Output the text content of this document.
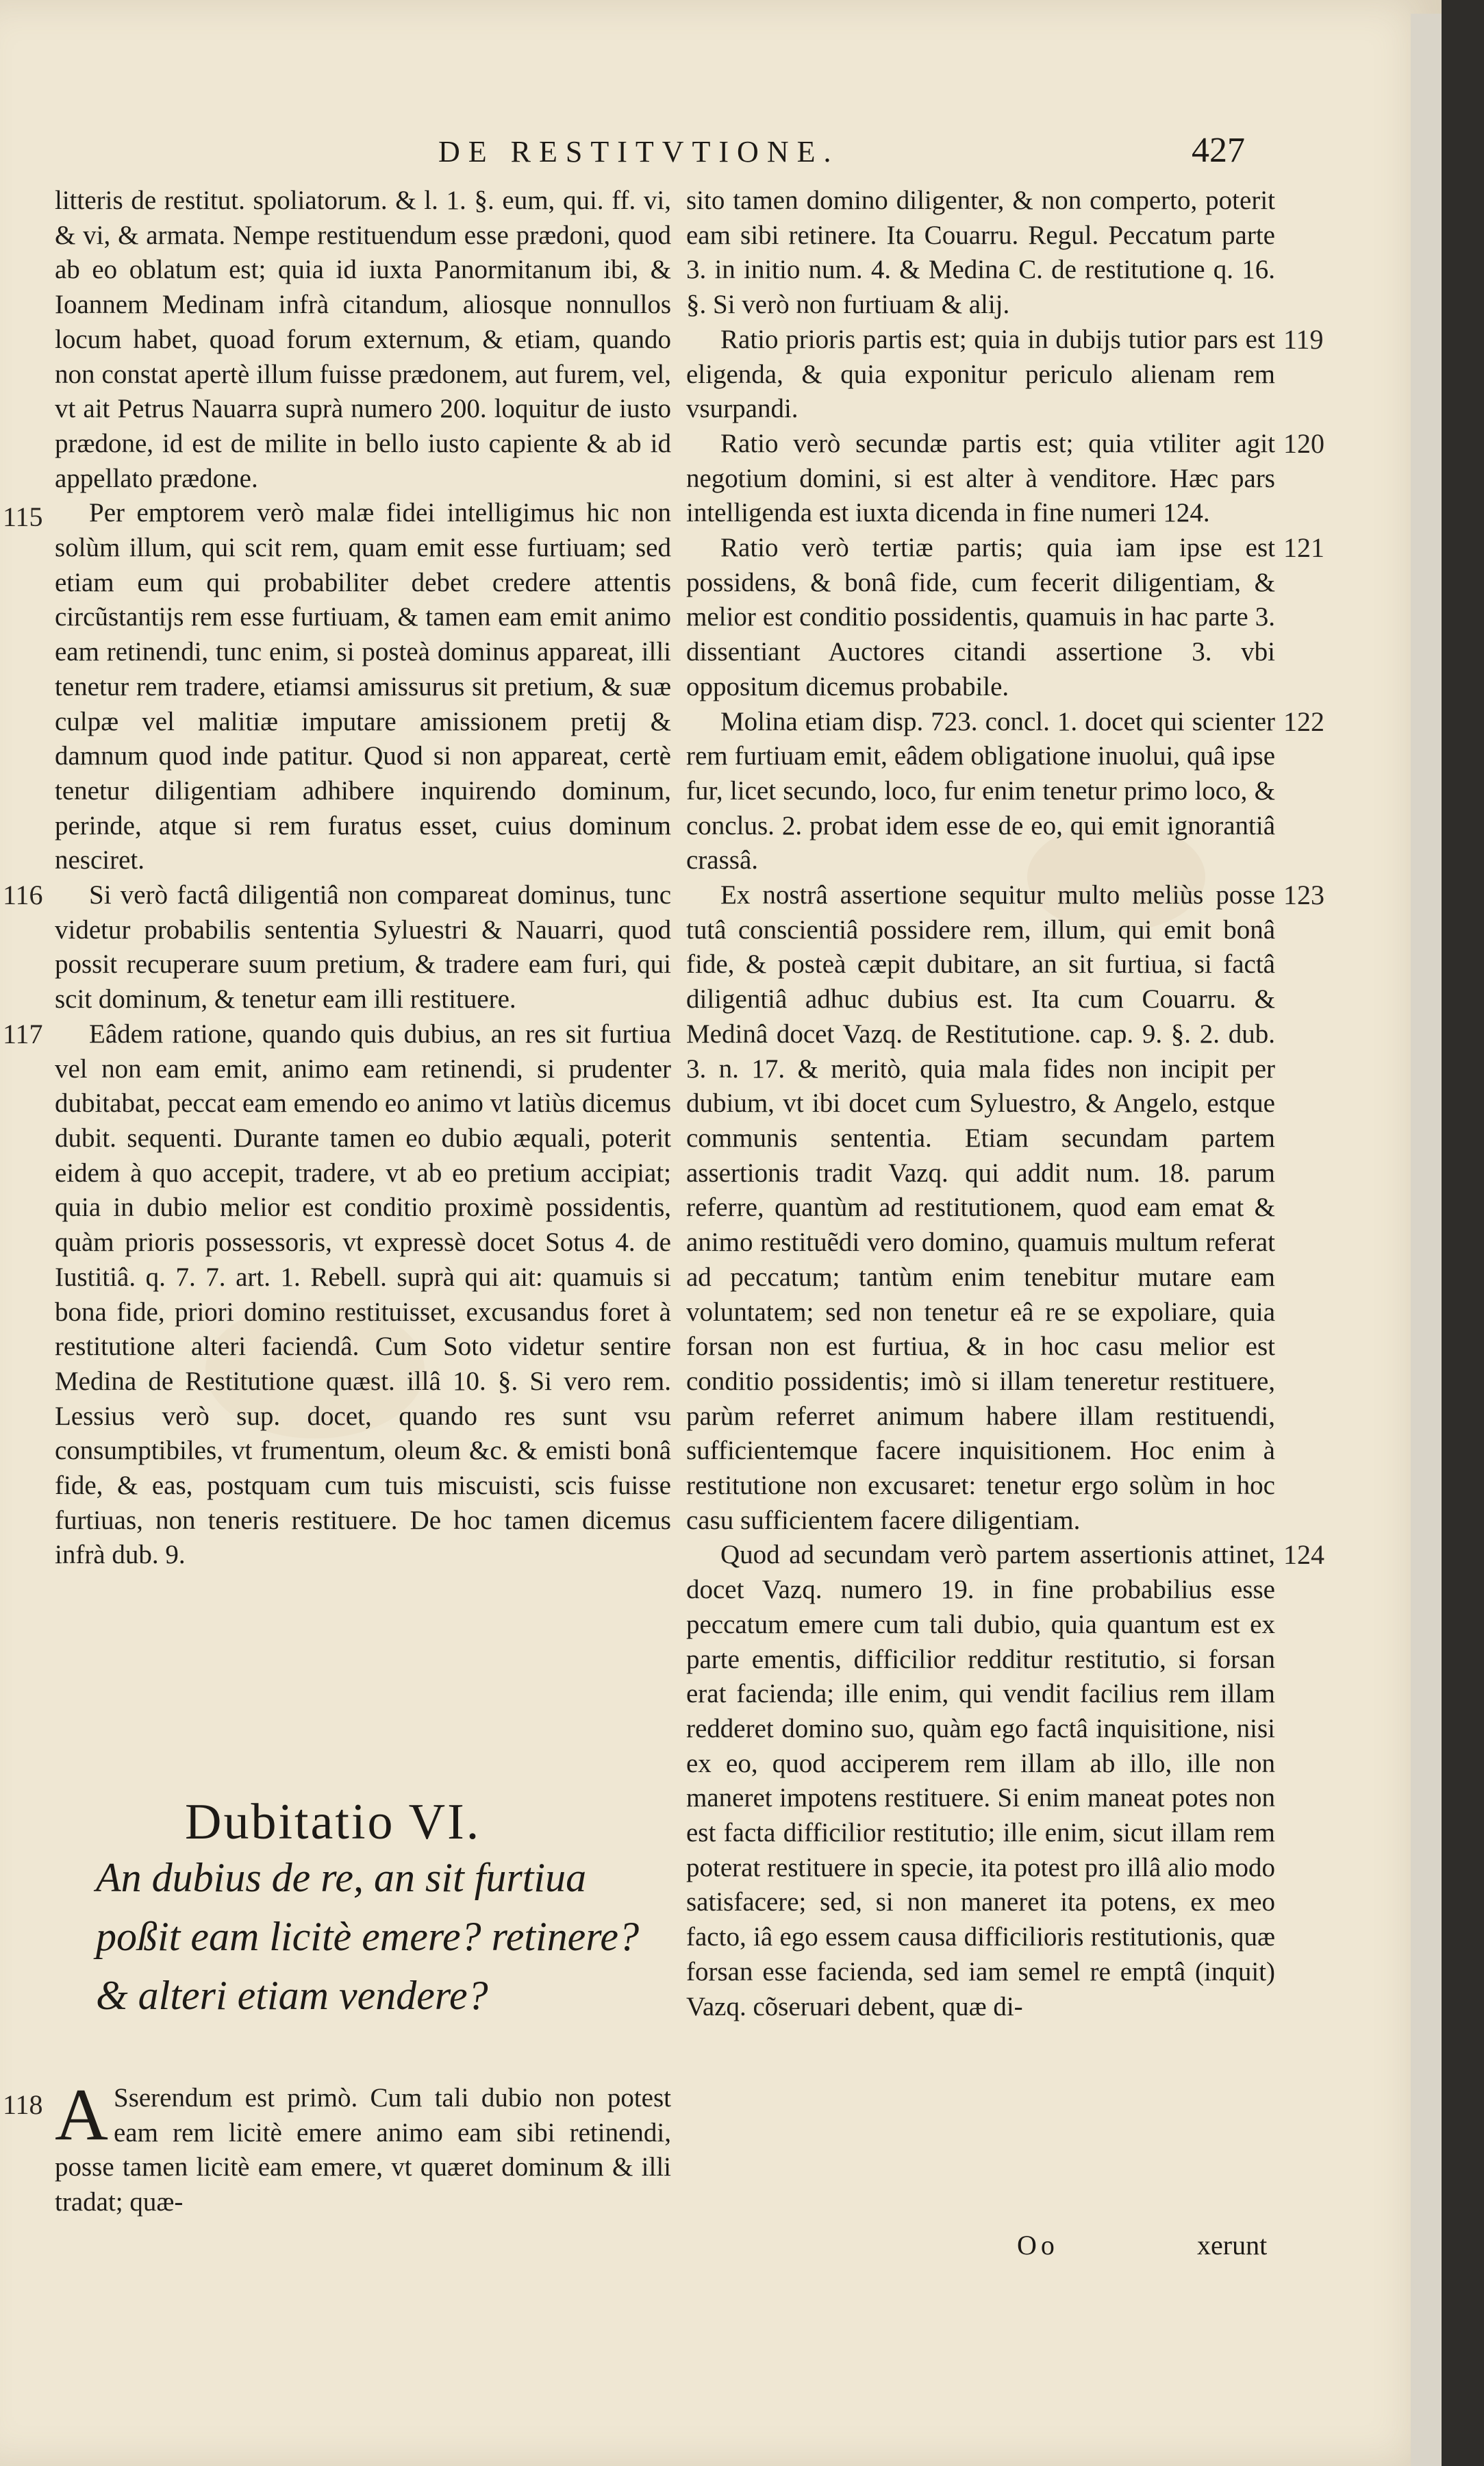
DE RESTITVTIONE.	427

litteris de restitut. spoliatorum. & l. 1. §. eum, qui. ff. vi, & vi, & armata. Nempe restituendum esse prædoni, quod ab eo oblatum est; quia id iuxta Panormitanum ibi, & Ioannem Medinam infrà citandum, aliosque nonnullos locum habet, quoad forum externum, & etiam, quando non constat apertè illum fuisse prædonem, aut furem, vel, vt ait Petrus Nauarra suprà numero 200. loquitur de iusto prædone, id est de milite in bello iusto capiente & ab id appellato prædone.

115	Per emptorem verò malæ fidei intelligimus hic non solùm illum, qui scit rem, quam emit esse furtiuam; sed etiam eum qui probabiliter debet credere attentis circũstantijs rem esse furtiuam, & tamen eam emit animo eam retinendi, tunc enim, si posteà dominus appareat, illi tenetur rem tradere, etiamsi amissurus sit pretium, & suæ culpæ vel malitiæ imputare amissionem pretij & damnum quod inde patitur. Quod si non appareat, certè tenetur diligentiam adhibere inquirendo dominum, perinde, atque si rem furatus esset, cuius dominum nesciret.

116	Si verò factâ diligentiâ non compareat dominus, tunc videtur probabilis sententia Syluestri & Nauarri, quod possit recuperare suum pretium, & tradere eam furi, qui scit dominum, & tenetur eam illi restituere.

117	Eâdem ratione, quando quis dubius, an res sit furtiua vel non eam emit, animo eam retinendi, si prudenter dubitabat, peccat eam emendo eo animo vt latiùs dicemus dubit. sequenti. Durante tamen eo dubio æquali, poterit eidem à quo accepit, tradere, vt ab eo pretium accipiat; quia in dubio melior est conditio proximè possidentis, quàm prioris possessoris, vt expressè docet Sotus 4. de Iustitiâ. q. 7. 7. art. 1. Rebell. suprà qui ait: quamuis si bona fide, priori domino restituisset, excusandus foret à restitutione alteri faciendâ. Cum Soto videtur sentire Medina de Restitutione quæst. illâ 10. §. Si vero rem. Lessius verò sup. docet, quando res sunt vsu consumptibiles, vt frumentum, oleum &c. & emisti bonâ fide, & eas, postquam cum tuis miscuisti, scis fuisse furtiuas, non teneris restituere. De hoc tamen dicemus infrà dub. 9.

Dubitatio VI.
An dubius de re, an sit furtiua poßit eam licitè emere? retinere? & alteri etiam vendere?
118 A Sserendum est primò. Cum tali dubio non potest eam rem licitè emere animo eam sibi retinendi, posse tamen licitè eam emere, vt quæret dominum & illi tradat; quæ-

sito tamen domino diligenter, & non comperto, poterit eam sibi retinere. Ita Couarru. Regul. Peccatum parte 3. in initio num. 4. & Medina C. de restitutione q. 16. §. Si verò non furtiuam & alij.

119

Ratio prioris partis est; quia in dubijs tutior pars est eligenda, & quia exponitur periculo alienam rem vsurpandi.

120

Ratio verò secundæ partis est; quia vtiliter agit negotium domini, si est alter à venditore. Hæc pars intelligenda est iuxta dicenda in fine numeri 124.

121

Ratio verò tertiæ partis; quia iam ipse est possidens, & bonâ fide, cum fecerit diligentiam, & melior est conditio possidentis, quamuis in hac parte 3. dissentiant Auctores citandi assertione 3. vbi oppositum dicemus probabile.

122

Molina etiam disp. 723. concl. 1. docet qui scienter rem furtiuam emit, eâdem obligatione inuolui, quâ ipse fur, licet secundo, loco, fur enim tenetur primo loco, & conclus. 2. probat idem esse de eo, qui emit ignorantiâ crassâ.

123

Ex nostrâ assertione sequitur multo meliùs posse tutâ conscientiâ possidere rem, illum, qui emit bonâ fide, & posteà cæpit dubitare, an sit furtiua, si factâ diligentiâ adhuc dubius est. Ita cum Couarru. & Medinâ docet Vazq. de Restitutione. cap. 9. §. 2. dub. 3. n. 17. & meritò, quia mala fides non incipit per dubium, vt ibi docet cum Syluestro, & Angelo, estque communis sententia. Etiam secundam partem assertionis tradit Vazq. qui addit num. 18. parum referre, quantùm ad restitutionem, quod eam emat & animo restituẽdi vero domino, quamuis multum referat ad peccatum; tantùm enim tenebitur mutare eam voluntatem; sed non tenetur eâ re se expoliare, quia forsan non est furtiua, & in hoc casu melior est conditio possidentis; imò si illam teneretur restituere, parùm referret animum habere illam restituendi, sufficientemque facere inquisitionem. Hoc enim à restitutione non excusaret: tenetur ergo solùm in hoc casu sufficientem facere diligentiam.

124

Quod ad secundam verò partem assertionis attinet, docet Vazq. numero 19. in fine probabilius esse peccatum emere cum tali dubio, quia quantum est ex parte ementis, difficilior redditur restitutio, si forsan erat facienda; ille enim, qui vendit facilius rem illam redderet domino suo, quàm ego factâ inquisitione, nisi ex eo, quod acciperem rem illam ab illo, ille non maneret impotens restituere. Si enim maneat potes non est facta difficilior restitutio; ille enim, sicut illam rem poterat restituere in specie, ita potest pro illâ alio modo satisfacere; sed, si non maneret ita potens, ex meo facto, iâ ego essem causa difficilioris restitutionis, quæ forsan esse facienda, sed iam semel re emptâ (inquit) Vazq. cõseruari debent, quæ di-

Oo	xerunt
